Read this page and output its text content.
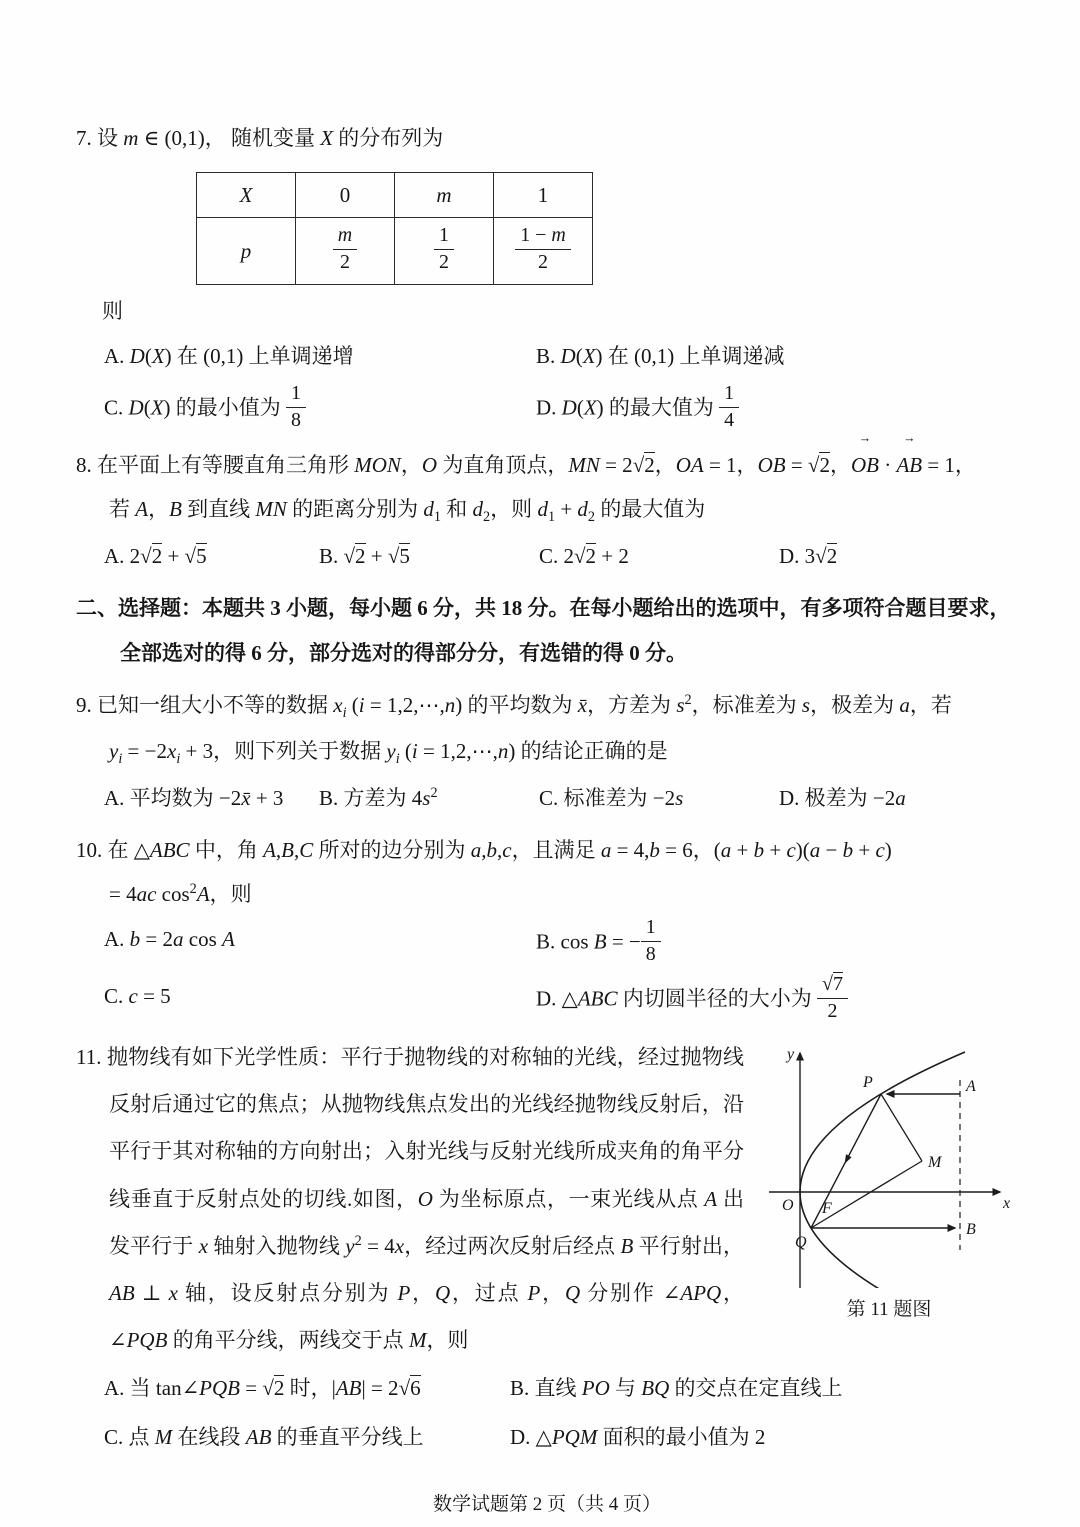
7. 设 m ∈ (0,1)， 随机变量 X 的分布列为
X	0	m	1
p	$\frac{m}{2}$	$\frac{1}{2}$	$\frac{1 - m}{2}$
则
A. D(X) 在 (0,1) 上单调递增	B. D(X) 在 (0,1) 上单调递减
C. D(X) 的最小值为 $\frac{1}{8}$	D. D(X) 的最大值为 $\frac{1}{4}$
8. 在平面上有等腰直角三角形 MON，O 为直角顶点，MN = 2√2，OA = 1，OB = √2，OB → · AB → = 1，
若 A，B 到直线 MN 的距离分别为 $d_1$ 和 $d_2$，则 $d_1 + d_2$ 的最大值为
A. 2√2 + √5	B. √2 + √5	C. 2√2 + 2	D. 3√2
二、选择题：本题共 3 小题，每小题 6 分，共 18 分。在每小题给出的选项中，有多项符合题目要求，
全部选对的得 6 分，部分选对的得部分分，有选错的得 0 分。
9. 已知一组大小不等的数据 $x_i$ (i = 1,2,⋯,n) 的平均数为 x̄，方差为 $s^2$，标准差为 s，极差为 a，若
$y_i = -2x_i + 3$，则下列关于数据 $y_i$ (i = 1,2,⋯,n) 的结论正确的是
A. 平均数为 −2x̄ + 3	B. 方差为 $4s^2$	C. 标准差为 −2s	D. 极差为 −2a
10. 在 △ABC 中，角 A,B,C 所对的边分别为 a,b,c，且满足 a = 4,b = 6，(a + b + c)(a − b + c)
= 4ac $\cos^2A$，则
A. b = 2a cos A	B. cos B = − $\frac{1}{8}$
C. c = 5	D. △ABC 内切圆半径的大小为 $\frac{√7}{2}$
11. 抛物线有如下光学性质：平行于抛物线的对称轴的光线，经过抛物线反射后通过它的焦点；从抛物线焦点发出的光线经抛物线反射后，沿平行于其对称轴的方向射出；入射光线与反射光线所成夹角的角平分线垂直于反射点处的切线.如图，O 为坐标原点，一束光线从点 A 出发平行于 x 轴射入抛物线 $y^2 = 4x$，经过两次反射后经点 B 平行射出，AB ⊥ x 轴，设反射点分别为 P，Q，过点 P，Q 分别作 ∠APQ，∠PQB 的角平分线，两线交于点 M，则
y
x
O F
P	A
M
Q
B
第 11 题图
A. 当 tan∠PQB = √2 时，|AB| = 2√6	B. 直线 PO 与 BQ 的交点在定直线上
C. 点 M 在线段 AB 的垂直平分线上	D. △PQM 面积的最小值为 2
数学试题第 2 页（共 4 页）
